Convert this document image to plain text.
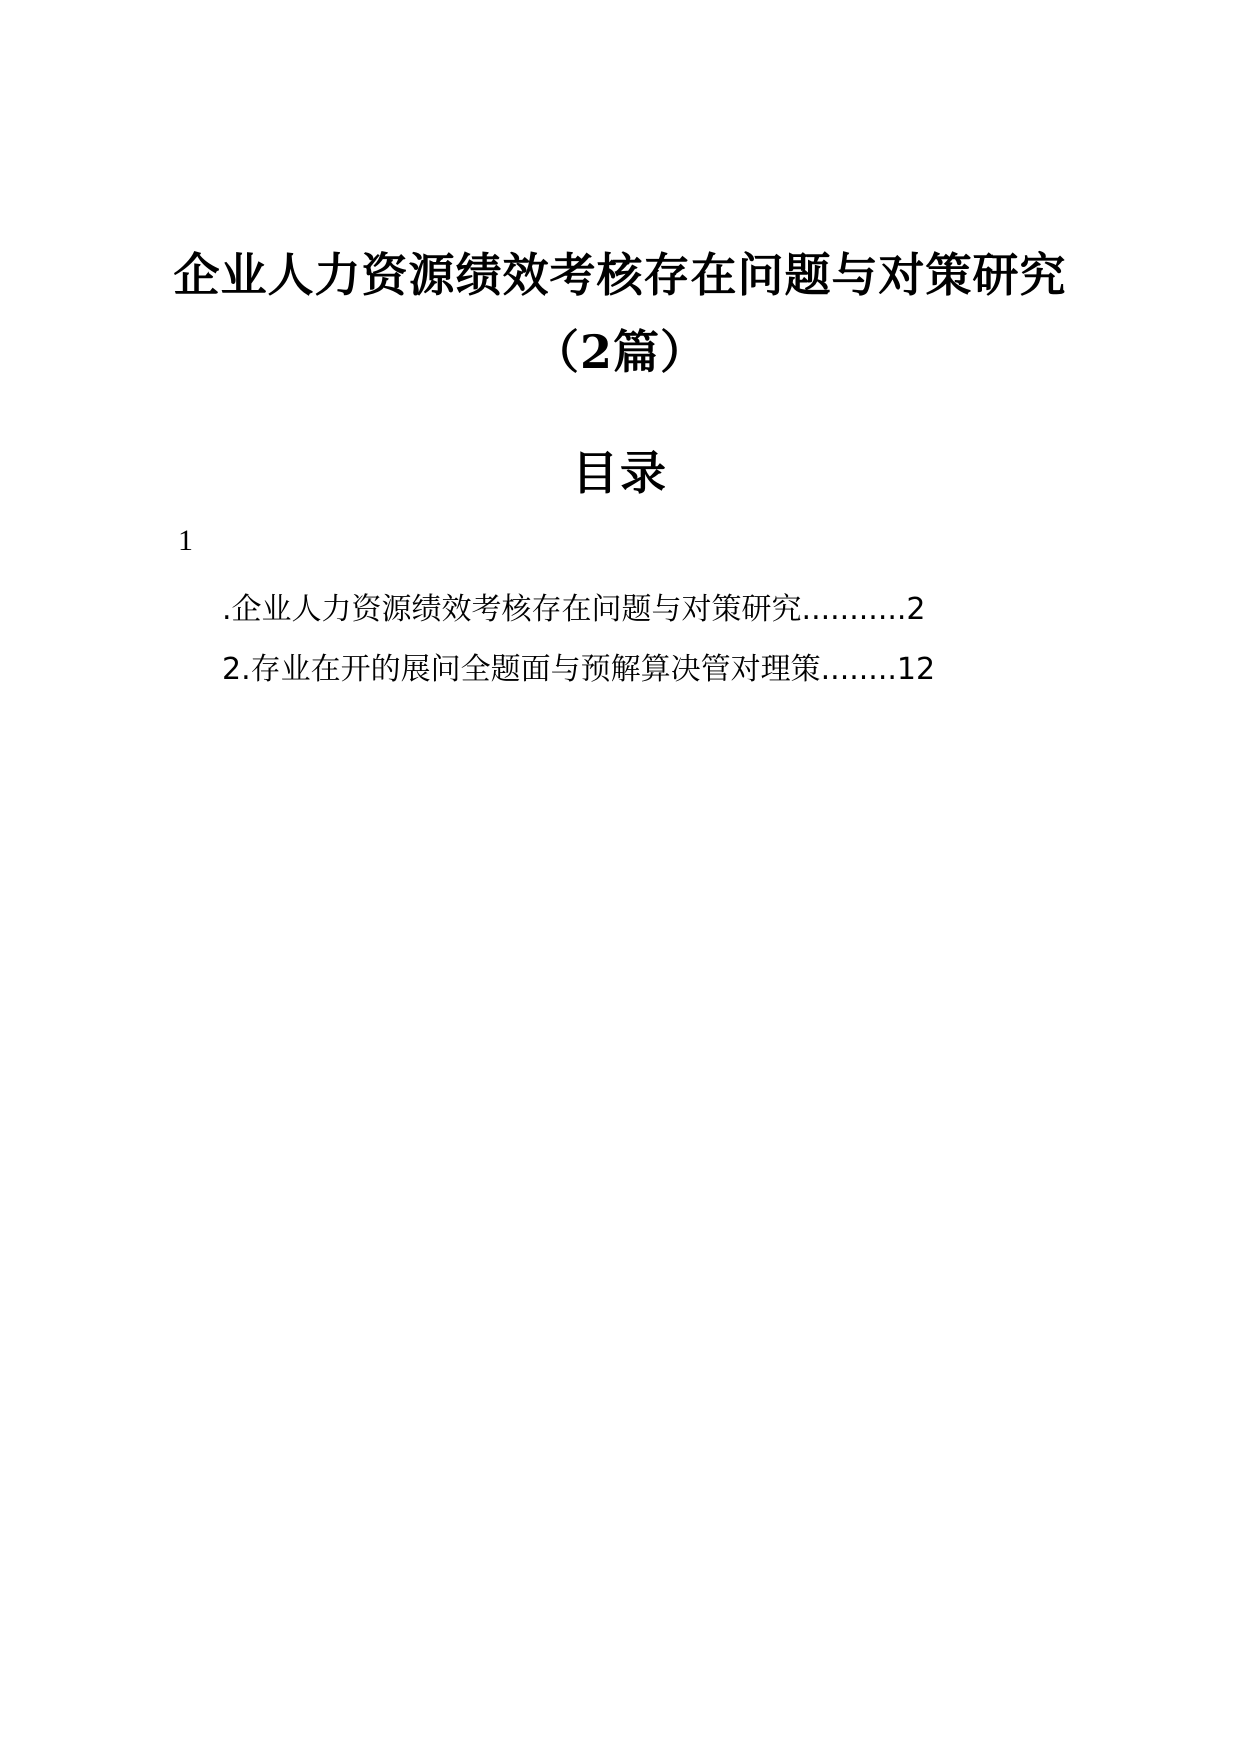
企业人力资源绩效考核存在问题与对策研究
（2篇）
目录
1
.企业人力资源绩效考核存在问题与对策研究...........2
2.存业在开的展问全题面与预解算决管对理策........12
